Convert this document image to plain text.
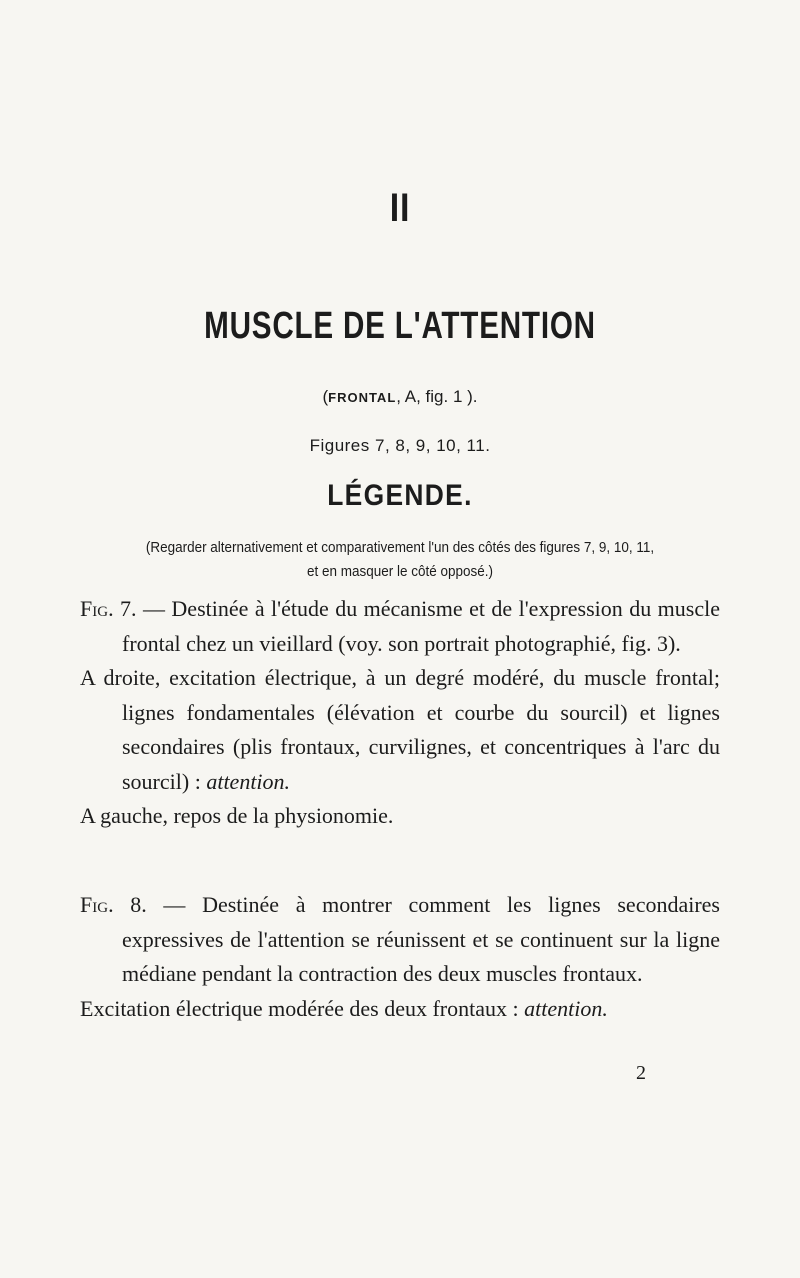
II
MUSCLE DE L'ATTENTION
(FRONTAL, A, fig. 1 ).
Figures 7, 8, 9, 10, 11.
LÉGENDE.
(Regarder alternativement et comparativement l'un des côtés des figures 7, 9, 10, 11,
et en masquer le côté opposé.)

Fig. 7. — Destinée à l'étude du mécanisme et de l'expression du muscle frontal chez un vieillard (voy. son portrait photographié, fig. 3).

A droite, excitation électrique, à un degré modéré, du muscle frontal; lignes fondamentales (élévation et courbe du sourcil) et lignes secondaires (plis frontaux, curvilignes, et concentriques à l'arc du sourcil) : attention.

A gauche, repos de la physionomie.

Fig. 8. — Destinée à montrer comment les lignes secondaires expressives de l'attention se réunissent et se continuent sur la ligne médiane pendant la contraction des deux muscles frontaux.

Excitation électrique modérée des deux frontaux : attention.

2
